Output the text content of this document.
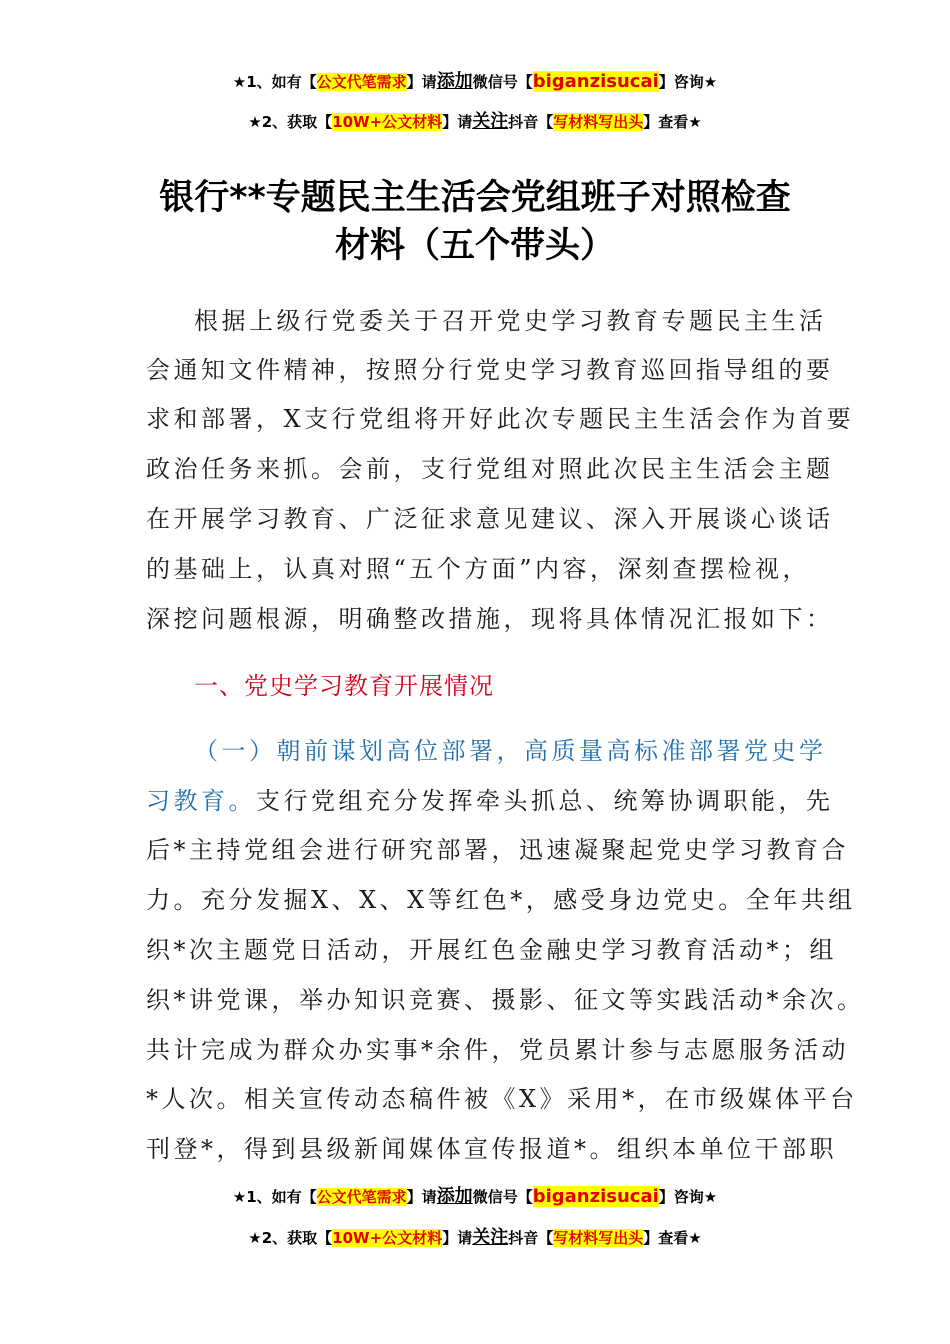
★1、如有【公文代笔需求】请添加微信号【biganzisucai】咨询★
★2、获取【10W+公文材料】请关注抖音【写材料写出头】查看★
银行**专题民主生活会党组班子对照检查
材料（五个带头）
根据上级行党委关于召开党史学习教育专题民主生活
会通知文件精神，按照分行党史学习教育巡回指导组的要
求和部署，X支行党组将开好此次专题民主生活会作为首要
政治任务来抓。会前，支行党组对照此次民主生活会主题
在开展学习教育、广泛征求意见建议、深入开展谈心谈话
的基础上，认真对照“五个方面”内容，深刻查摆检视，
深挖问题根源，明确整改措施，现将具体情况汇报如下：
一、党史学习教育开展情况
（一）朝前谋划高位部署，高质量高标准部署党史学
习教育。支行党组充分发挥牵头抓总、统筹协调职能，先
后*主持党组会进行研究部署，迅速凝聚起党史学习教育合
力。充分发掘X、X、X等红色*，感受身边党史。全年共组
织*次主题党日活动，开展红色金融史学习教育活动*；组
织*讲党课，举办知识竞赛、摄影、征文等实践活动*余次。
共计完成为群众办实事*余件，党员累计参与志愿服务活动
*人次。相关宣传动态稿件被《X》采用*，在市级媒体平台
刊登*，得到县级新闻媒体宣传报道*。组织本单位干部职
★1、如有【公文代笔需求】请添加微信号【biganzisucai】咨询★
★2、获取【10W+公文材料】请关注抖音【写材料写出头】查看★
